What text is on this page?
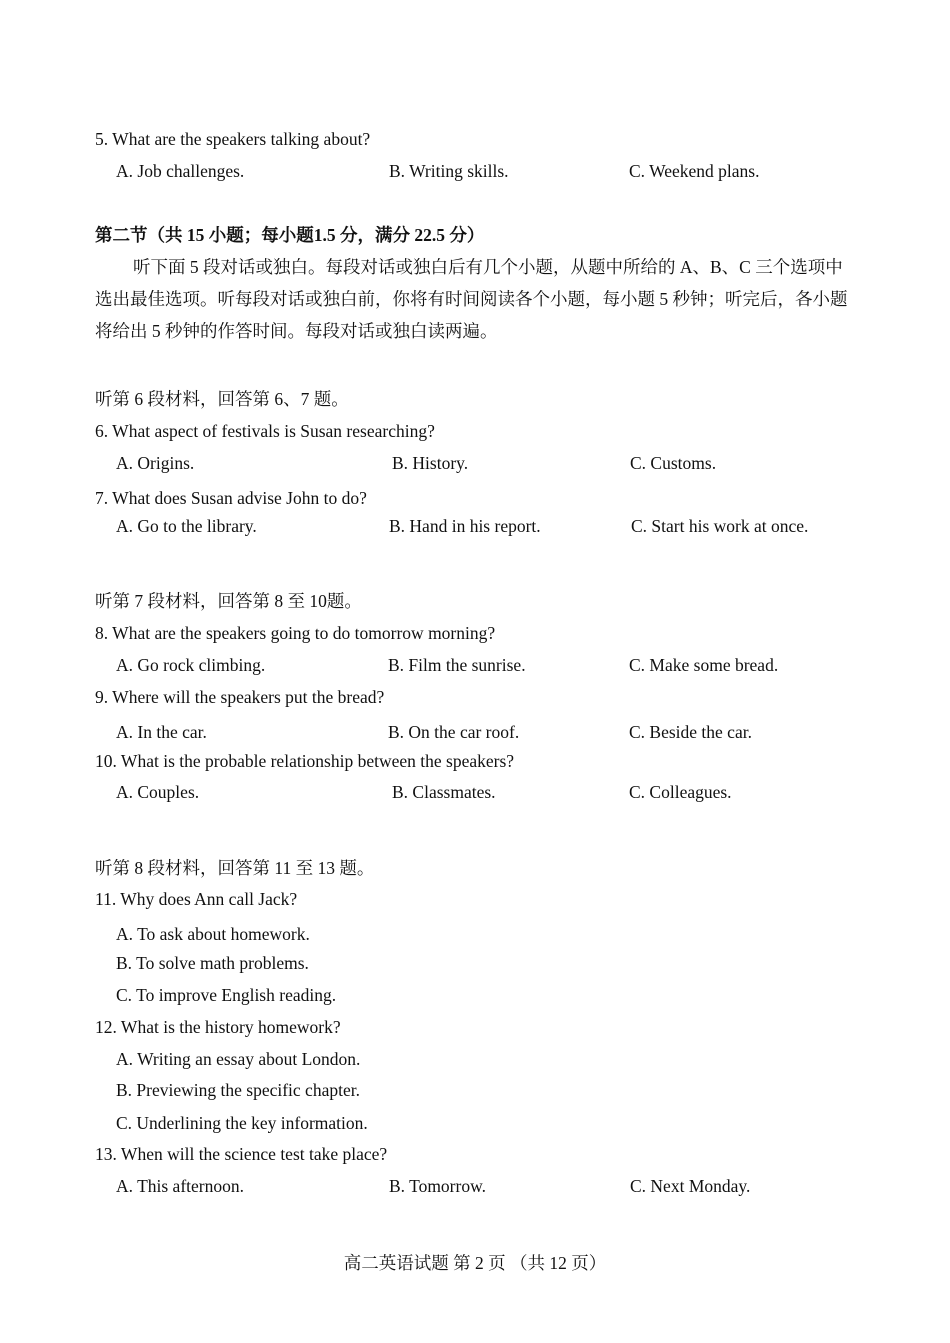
5. What are the speakers talking about?
A. Job challenges.	B. Writing skills.	C. Weekend plans.
第二节（共 15 小题；每小题1.5 分，满分 22.5 分）
听下面 5 段对话或独白。每段对话或独白后有几个小题，从题中所给的 A、B、C 三个选项中选出最佳选项。听每段对话或独白前，你将有时间阅读各个小题，每小题 5 秒钟；听完后，各小题将给出 5 秒钟的作答时间。每段对话或独白读两遍。
听第 6 段材料，回答第 6、7 题。
6. What aspect of festivals is Susan researching?
A. Origins.	B. History.	C. Customs.
7. What does Susan advise John to do?
A. Go to the library.	B. Hand in his report.	C. Start his work at once.
听第 7 段材料，回答第 8 至 10题。
8. What are the speakers going to do tomorrow morning?
A. Go rock climbing.	B. Film the sunrise.	C. Make some bread.
9. Where will the speakers put the bread?
A. In the car.	B. On the car roof.	C. Beside the car.
10. What is the probable relationship between the speakers?
A. Couples.	B. Classmates.	C. Colleagues.
听第 8 段材料，回答第 11 至 13 题。
11. Why does Ann call Jack?
A. To ask about homework.
B. To solve math problems.
C. To improve English reading.
12. What is the history homework?
A. Writing an essay about London.
B. Previewing the specific chapter.
C. Underlining the key information.
13. When will the science test take place?
A. This afternoon.	B. Tomorrow.	C. Next Monday.
高二英语试题 第 2 页 （共 12 页）
